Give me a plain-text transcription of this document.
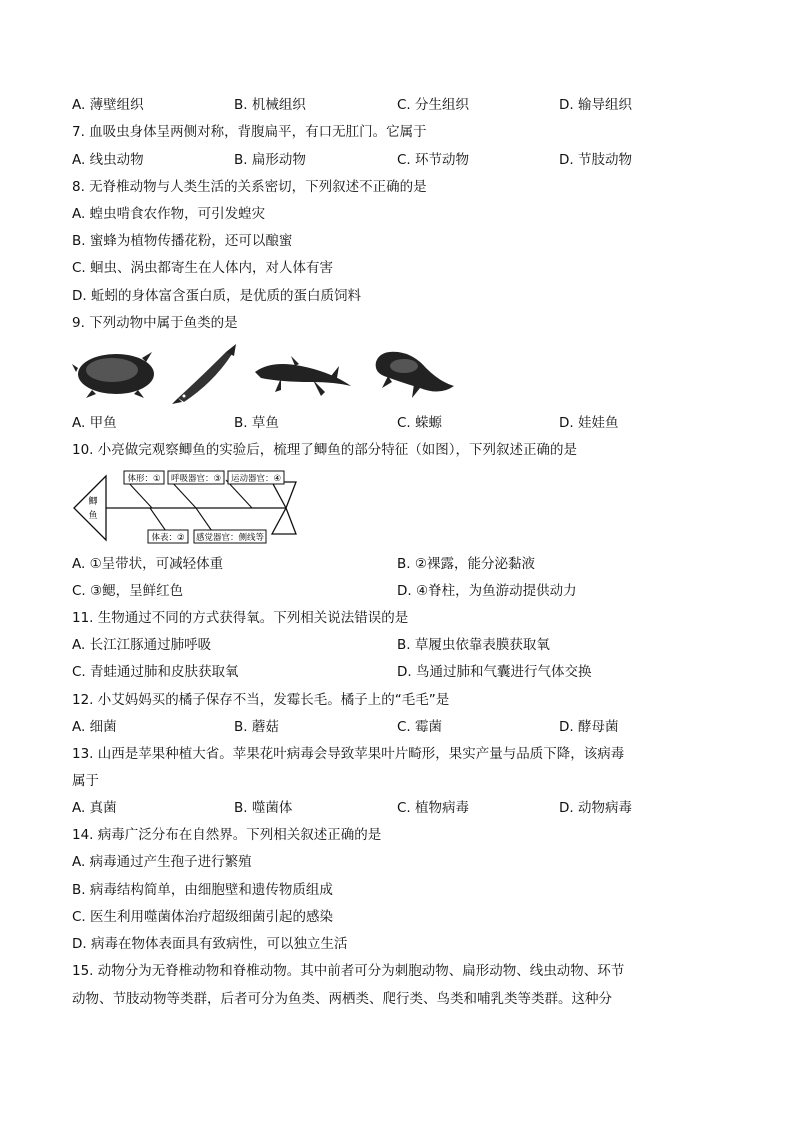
A. 薄壁组织	B. 机械组织	C. 分生组织	D. 输导组织
7. 血吸虫身体呈两侧对称，背腹扁平，有口无肛门。它属于
A. 线虫动物	B. 扁形动物	C. 环节动物	D. 节肢动物
8. 无脊椎动物与人类生活的关系密切，下列叙述不正确的是
A. 蝗虫啃食农作物，可引发蝗灾
B. 蜜蜂为植物传播花粉，还可以酿蜜
C. 蛔虫、涡虫都寄生在人体内，对人体有害
D. 蚯蚓的身体富含蛋白质，是优质的蛋白质饲料
9. 下列动物中属于鱼类的是
A. 甲鱼	B. 草鱼	C. 蝾螈	D. 娃娃鱼
10. 小亮做完观察鲫鱼的实验后，梳理了鲫鱼的部分特征（如图），下列叙述正确的是
鲫
鱼
体形：① 呼吸器官：③ 运动器官：④
体表：② 感觉器官：侧线等
A. ①呈带状，可减轻体重	B. ②裸露，能分泌黏液
C. ③鳃，呈鲜红色	D. ④脊柱，为鱼游动提供动力
11. 生物通过不同的方式获得氧。下列相关说法错误的是
A. 长江江豚通过肺呼吸	B. 草履虫依靠表膜获取氧
C. 青蛙通过肺和皮肤获取氧	D. 鸟通过肺和气囊进行气体交换
12. 小艾妈妈买的橘子保存不当，发霉长毛。橘子上的“毛毛”是
A. 细菌	B. 蘑菇	C. 霉菌	D. 酵母菌
13. 山西是苹果种植大省。苹果花叶病毒会导致苹果叶片畸形，果实产量与品质下降，该病毒
属于
A. 真菌	B. 噬菌体	C. 植物病毒	D. 动物病毒
14. 病毒广泛分布在自然界。下列相关叙述正确的是
A. 病毒通过产生孢子进行繁殖
B. 病毒结构简单，由细胞壁和遗传物质组成
C. 医生利用噬菌体治疗超级细菌引起的感染
D. 病毒在物体表面具有致病性，可以独立生活
15. 动物分为无脊椎动物和脊椎动物。其中前者可分为刺胞动物、扁形动物、线虫动物、环节
动物、节肢动物等类群，后者可分为鱼类、两栖类、爬行类、鸟类和哺乳类等类群。这种分
